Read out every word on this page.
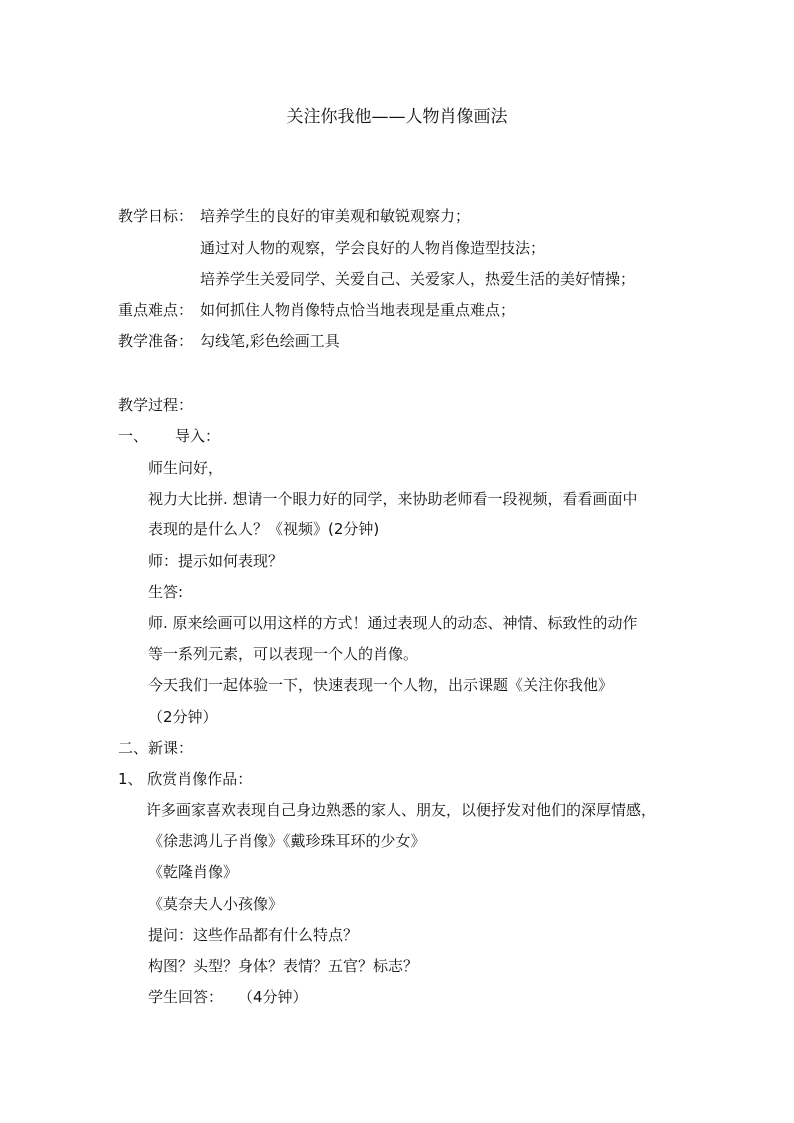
关注你我他——人物肖像画法
教学日标： 培养学生的良好的审美观和敏锐观察力；
通过对人物的观察，学会良好的人物肖像造型技法；
培养学生关爱同学、关爱自己、关爱家人，热爱生活的美好情操；
重点难点： 如何抓住人物肖像特点恰当地表现是重点难点；
教学准备： 勾线笔,彩色绘画工具
教学过程：
一、 导入：
师生问好，
视力大比拼. 想请一个眼力好的同学，来协助老师看一段视频，看看画面中
表现的是什么人？《视频》(2分钟)
师：提示如何表现？
生答:
师. 原来绘画可以用这样的方式！通过表现人的动态、神情、标致性的动作
等一系列元素，可以表现一个人的肖像。
今天我们一起体验一下，快速表现一个人物，出示课题《关注你我他》
（2分钟）
二、新课：
1、 欣赏肖像作品：
许多画家喜欢表现自己身边熟悉的家人、朋友，以便抒发对他们的深厚情感，
《徐悲鸿儿子肖像》《戴珍珠耳环的少女》
《乾隆肖像》
《莫奈夫人小孩像》
提问：这些作品都有什么特点？
构图？头型？身体？表情？五官？标志？
学生回答：　　（4分钟）
